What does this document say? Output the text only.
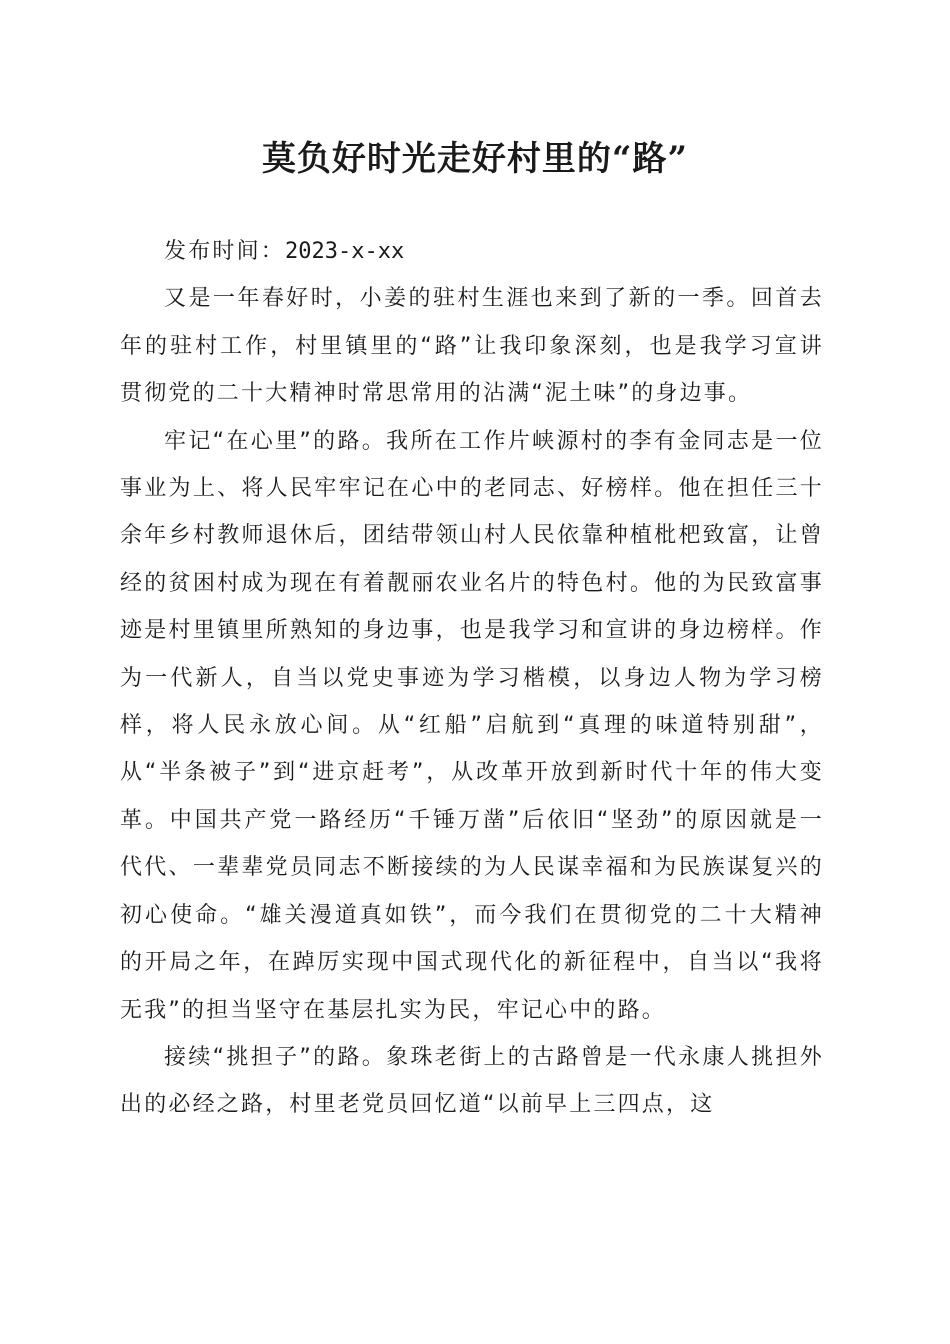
莫负好时光走好村里的“路”

发布时间：2023-x-xx

又是一年春好时，小姜的驻村生涯也来到了新的一季。回首去年的驻村工作，村里镇里的“路”让我印象深刻，也是我学习宣讲贯彻党的二十大精神时常思常用的沾满“泥土味”的身边事。

牢记“在心里”的路。我所在工作片峡源村的李有金同志是一位事业为上、将人民牢牢记在心中的老同志、好榜样。他在担任三十余年乡村教师退休后，团结带领山村人民依靠种植枇杷致富，让曾经的贫困村成为现在有着靓丽农业名片的特色村。他的为民致富事迹是村里镇里所熟知的身边事，也是我学习和宣讲的身边榜样。作为一代新人，自当以党史事迹为学习楷模，以身边人物为学习榜样，将人民永放心间。从“红船”启航到“真理的味道特别甜”，从“半条被子”到“进京赶考”，从改革开放到新时代十年的伟大变革。中国共产党一路经历“千锤万凿”后依旧“坚劲”的原因就是一代代、一辈辈党员同志不断接续的为人民谋幸福和为民族谋复兴的初心使命。“雄关漫道真如铁”，而今我们在贯彻党的二十大精神的开局之年，在踔厉实现中国式现代化的新征程中，自当以“我将无我”的担当坚守在基层扎实为民，牢记心中的路。

接续“挑担子”的路。象珠老街上的古路曾是一代永康人挑担外出的必经之路，村里老党员回忆道“以前早上三四点，这
